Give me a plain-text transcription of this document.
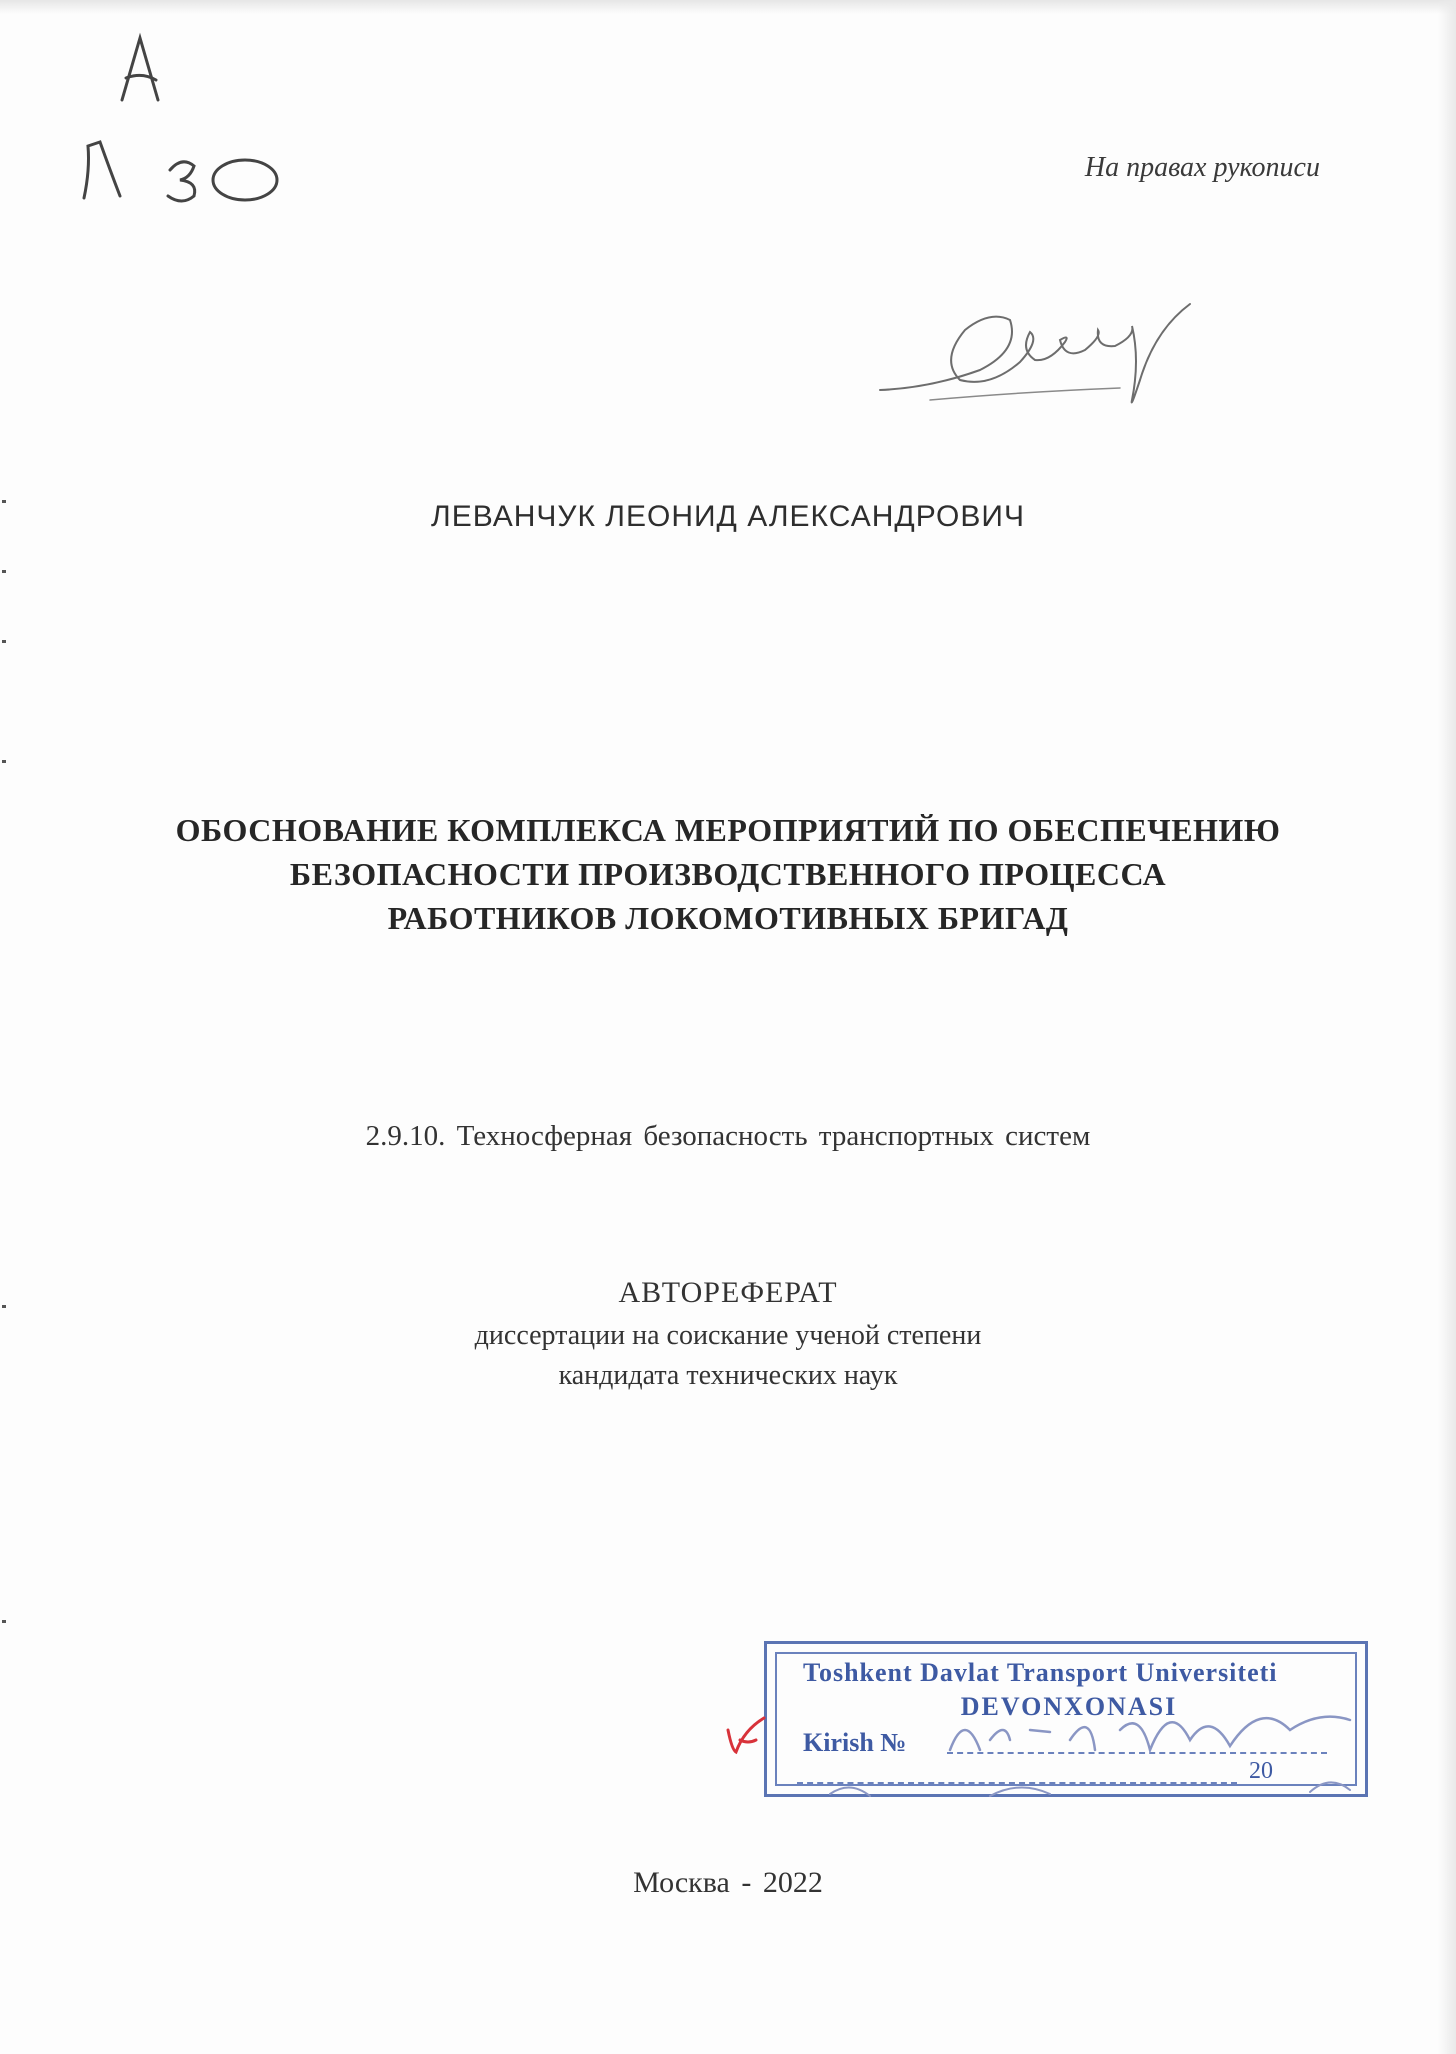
На правах рукописи
ЛЕВАНЧУК ЛЕОНИД АЛЕКСАНДРОВИЧ
ОБОСНОВАНИЕ КОМПЛЕКСА МЕРОПРИЯТИЙ ПО ОБЕСПЕЧЕНИЮ
БЕЗОПАСНОСТИ ПРОИЗВОДСТВЕННОГО ПРОЦЕССА
РАБОТНИКОВ ЛОКОМОТИВНЫХ БРИГАД
2.9.10. Техносферная безопасность транспортных систем
АВТОРЕФЕРАТ
диссертации на соискание ученой степени
кандидата технических наук
Toshkent Davlat Transport Universiteti
DEVONXONASI
Kirish №
20
Москва - 2022
